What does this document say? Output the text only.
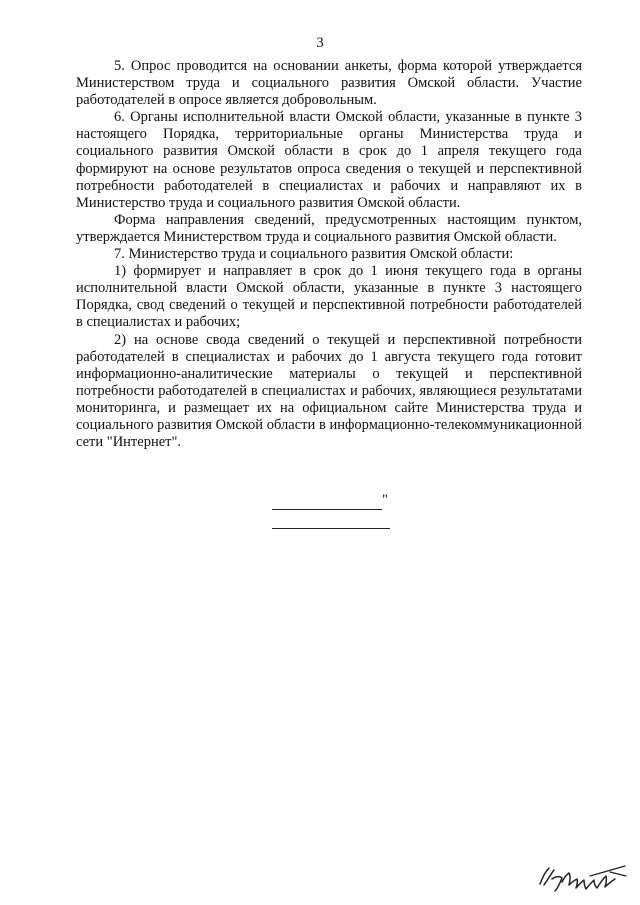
3

5. Опрос проводится на основании анкеты, форма которой утверждается Министерством труда и социального развития Омской области. Участие работодателей в опросе является добровольным.

6. Органы исполнительной власти Омской области, указанные в пункте 3 настоящего Порядка, территориальные органы Министерства труда и социального развития Омской области в срок до 1 апреля текущего года формируют на основе результатов опроса сведения о текущей и перспективной потребности работодателей в специалистах и рабочих и направляют их в Министерство труда и социального развития Омской области.

Форма направления сведений, предусмотренных настоящим пунктом, утверждается Министерством труда и социального развития Омской области.

7. Министерство труда и социального развития Омской области:

1) формирует и направляет в срок до 1 июня текущего года в органы исполнительной власти Омской области, указанные в пункте 3 настоящего Порядка, свод сведений о текущей и перспективной потребности работодателей в специалистах и рабочих;

2) на основе свода сведений о текущей и перспективной потребности работодателей в специалистах и рабочих до 1 августа текущего года готовит информационно-аналитические материалы о текущей и перспективной потребности работодателей в специалистах и рабочих, являющиеся результатами мониторинга, и размещает их на официальном сайте Министерства труда и социального развития Омской области в информационно-телекоммуникационной сети "Интернет".

"
